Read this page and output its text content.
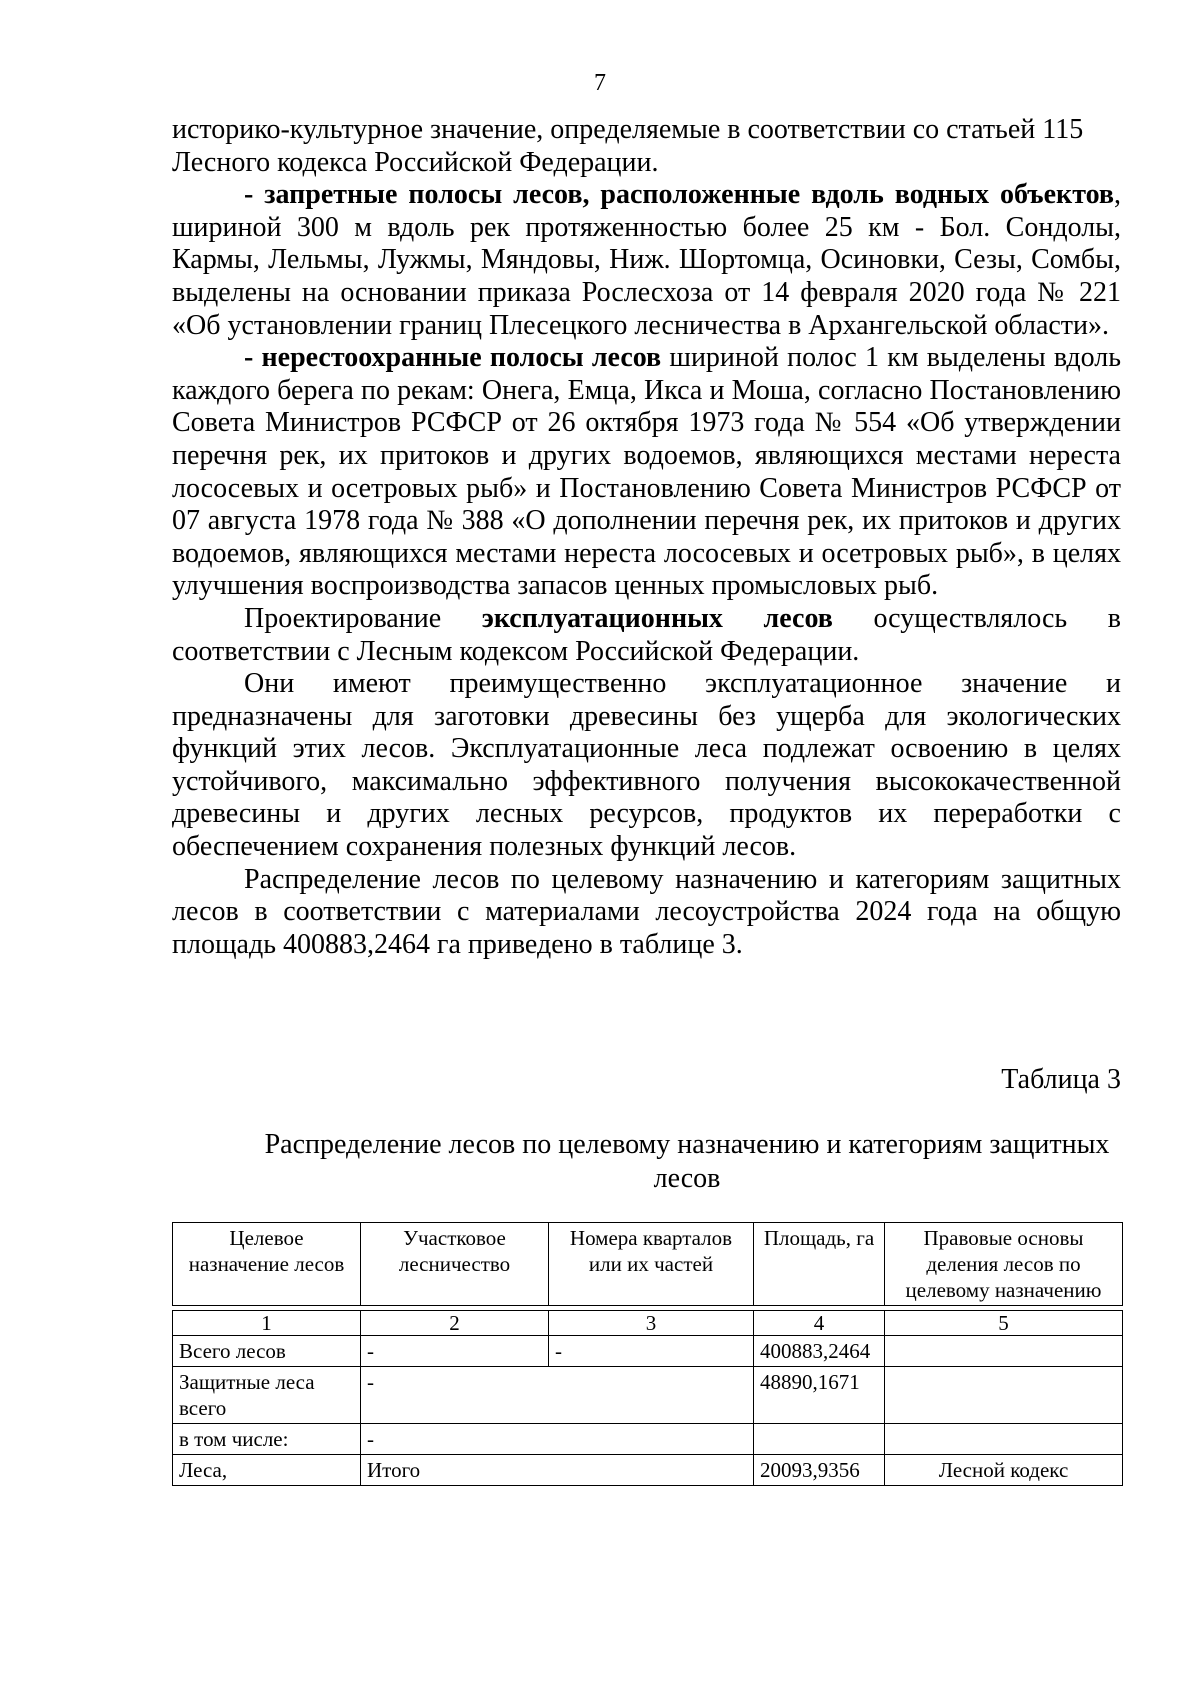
7

историко-культурное значение, определяемые в соответствии со статьей 115 Лесного кодекса Российской Федерации.

- запретные полосы лесов, расположенные вдоль водных объектов, шириной 300 м вдоль рек протяженностью более 25 км - Бол. Сондолы, Кармы, Лельмы, Лужмы, Мяндовы, Ниж. Шортомца, Осиновки, Сезы, Сомбы, выделены на основании приказа Рослесхоза от 14 февраля 2020 года № 221 «Об установлении границ Плесецкого лесничества в Архангельской области».

- нерестоохранные полосы лесов шириной полос 1 км выделены вдоль каждого берега по рекам: Онега, Емца, Икса и Моша, согласно Постановлению Совета Министров РСФСР от 26 октября 1973 года № 554 «Об утверждении перечня рек, их притоков и других водоемов, являющихся местами нереста лососевых и осетровых рыб» и Постановлению Совета Министров РСФСР от 07 августа 1978 года № 388 «О дополнении перечня рек, их притоков и других водоемов, являющихся местами нереста лососевых и осетровых рыб», в целях улучшения воспроизводства запасов ценных промысловых рыб.

Проектирование эксплуатационных лесов осуществлялось в соответствии с Лесным кодексом Российской Федерации.

Они имеют преимущественно эксплуатационное значение и предназначены для заготовки древесины без ущерба для экологических функций этих лесов. Эксплуатационные леса подлежат освоению в целях устойчивого, максимально эффективного получения высококачественной древесины и других лесных ресурсов, продуктов их переработки с обеспечением сохранения полезных функций лесов.

Распределение лесов по целевому назначению и категориям защитных лесов в соответствии с материалами лесоустройства 2024 года на общую площадь 400883,2464 га приведено в таблице 3.

Таблица 3
Распределение лесов по целевому назначению и категориям защитных лесов
Целевое назначение лесов	Участковое лесничество	Номера кварталов или их частей	Площадь, га	Правовые основы деления лесов по целевому назначению

1	2	3	4	5
Всего лесов	-	-	400883,2464	
Защитные леса всего	-		48890,1671	
в том числе:	-			
Леса,	Итого		20093,9356	Лесной кодекс
